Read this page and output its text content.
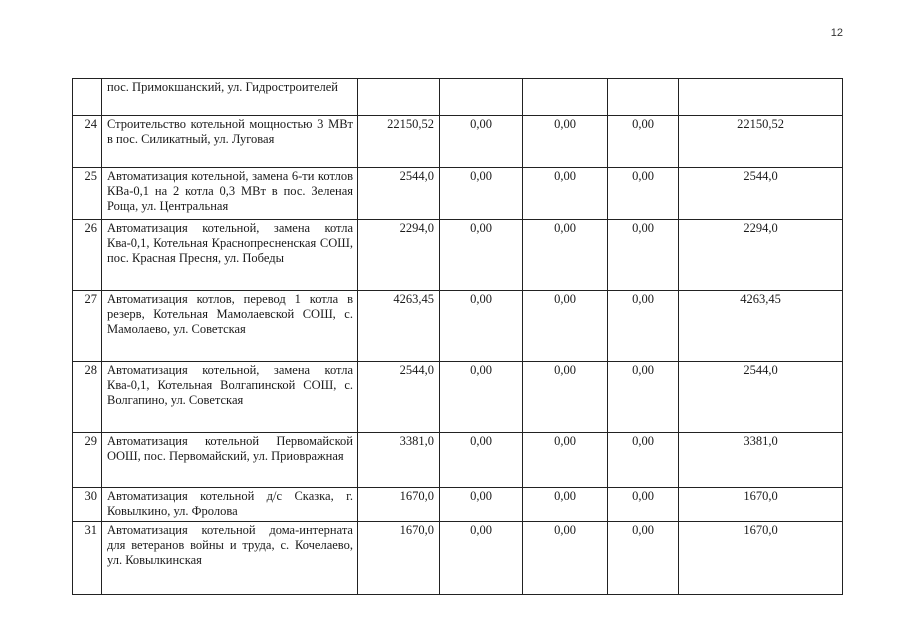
12
	пос. Примокшанский, ул. Гидростроителей					
24	Строительство котельной мощностью 3 МВт в пос. Силикатный, ул. Луговая	22150,52	0,00	0,00	0,00	22150,52
25	Автоматизация котельной, замена 6-ти котлов КВа-0,1 на 2 котла 0,3 МВт в пос. Зеленая Роща, ул. Центральная	2544,0	0,00	0,00	0,00	2544,0
26	Автоматизация котельной, замена котла Ква-0,1, Котельная Краснопресненская СОШ, пос. Красная Пресня, ул. Победы	2294,0	0,00	0,00	0,00	2294,0
27	Автоматизация котлов, перевод 1 котла в резерв, Котельная Мамолаевской СОШ, с. Мамолаево, ул. Советская	4263,45	0,00	0,00	0,00	4263,45
28	Автоматизация котельной, замена котла Ква-0,1, Котельная Волгапинской СОШ, с. Волгапино, ул. Советская	2544,0	0,00	0,00	0,00	2544,0
29	Автоматизация котельной Первомайской ООШ, пос. Первомайский, ул. Приовражная	3381,0	0,00	0,00	0,00	3381,0
30	Автоматизация котельной д/с Сказка, г. Ковылкино, ул. Фролова	1670,0	0,00	0,00	0,00	1670,0
31	Автоматизация котельной дома-интерната для ветеранов войны и труда, с. Кочелаево, ул. Ковылкинская	1670,0	0,00	0,00	0,00	1670,0
